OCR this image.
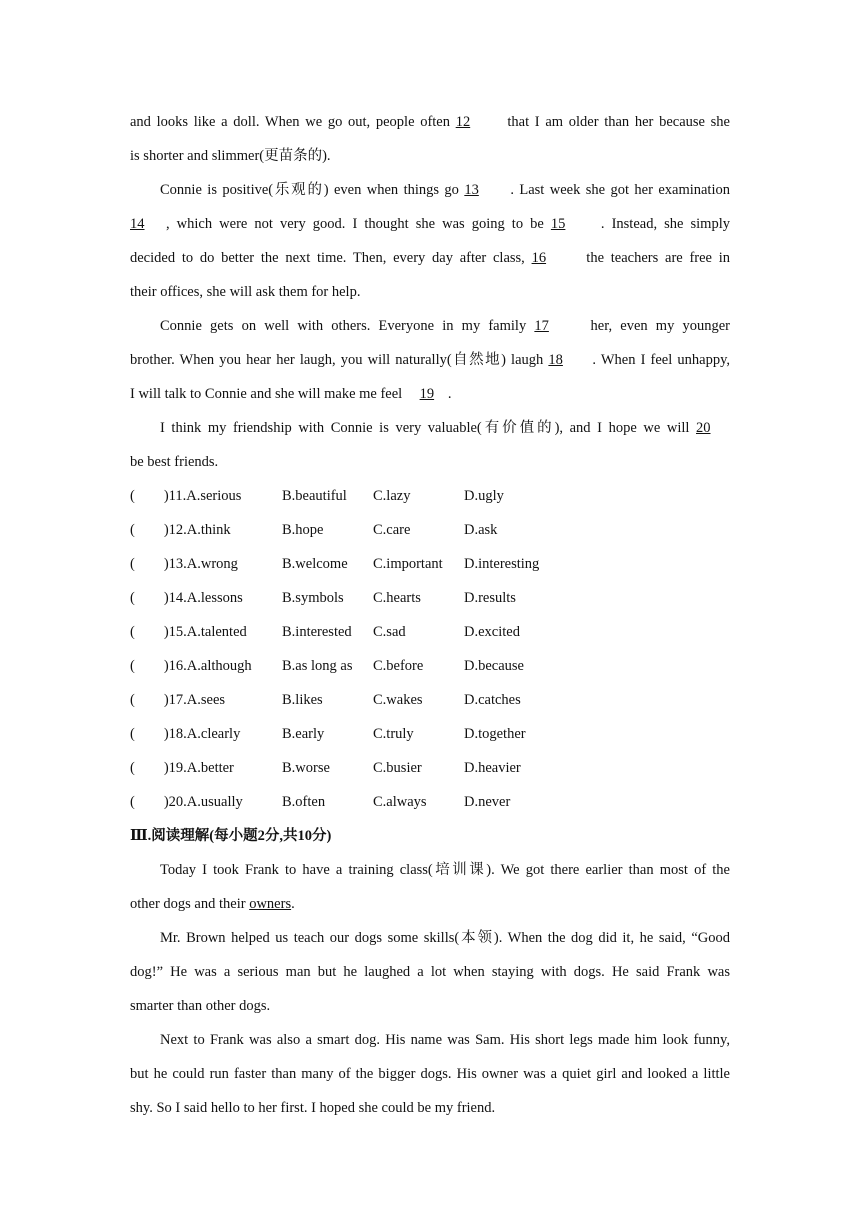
and looks like a doll. When we go out, people often 12 that I am older than her because she
is shorter and slimmer(更苗条的).
Connie is positive(乐观的) even when things go 13 . Last week she got her examination
14 , which were not very good. I thought she was going to be 15 . Instead, she simply
decided to do better the next time. Then, every day after class, 16 the teachers are free in
their offices, she will ask them for help.
Connie gets on well with others. Everyone in my family 17 her, even my younger
brother. When you hear her laugh, you will naturally(自然地) laugh 18 . When I feel unhappy,
I will talk to Connie and she will make me feel 19 .
I think my friendship with Connie is very valuable(有价值的), and I hope we will 20
be best friends.
(　　)11.A.serious	B.beautiful	C.lazy	D.ugly
(　　)12.A.think	B.hope	C.care	D.ask
(　　)13.A.wrong	B.welcome	C.important	D.interesting
(　　)14.A.lessons	B.symbols	C.hearts	D.results
(　　)15.A.talented	B.interested	C.sad	D.excited
(　　)16.A.although	B.as long as	C.before	D.because
(　　)17.A.sees	B.likes	C.wakes	D.catches
(　　)18.A.clearly	B.early	C.truly	D.together
(　　)19.A.better	B.worse	C.busier	D.heavier
(　　)20.A.usually	B.often	C.always	D.never
Ⅲ.阅读理解(每小题2分,共10分)
Today I took Frank to have a training class(培训课). We got there earlier than most of the
other dogs and their owners.
Mr. Brown helped us teach our dogs some skills(本领). When the dog did it, he said, “Good
dog!” He was a serious man but he laughed a lot when staying with dogs. He said Frank was
smarter than other dogs.
Next to Frank was also a smart dog. His name was Sam. His short legs made him look funny,
but he could run faster than many of the bigger dogs. His owner was a quiet girl and looked a little
shy. So I said hello to her first. I hoped she could be my friend.
